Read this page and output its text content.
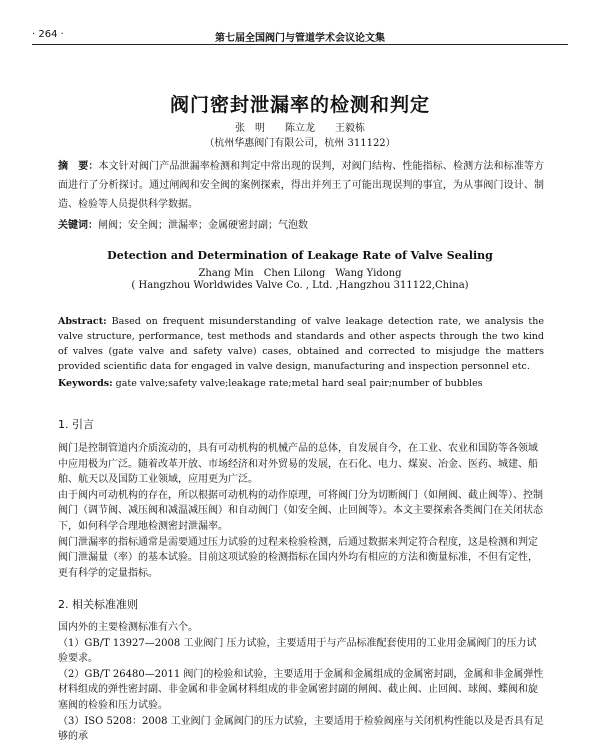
· 264 ·	第七届全国阀门与管道学术会议论文集
阀门密封泄漏率的检测和判定
张　明　　陈立龙　　王毅栋
（杭州华惠阀门有限公司，杭州 311122）
摘　要：本文针对阀门产品泄漏率检测和判定中常出现的误判，对阀门结构、性能指标、检测方法和标准等方面进行了分析探讨。通过闸阀和安全阀的案例探索，得出并列王了可能出现误判的事宜，为从事阀门设计、制造、检验等人员提供科学数据。
关键词：闸阀；安全阀；泄漏率；金属硬密封副；气泡数
Detection and Determination of Leakage Rate of Valve Sealing
Zhang Min　Chen Lilong　Wang Yidong
( Hangzhou Worldwides Valve Co. , Ltd. ,Hangzhou 311122,China)
Abstract: Based on frequent misunderstanding of valve leakage detection rate, we analysis the valve structure, performance, test methods and standards and other aspects through the two kind of valves (gate valve and safety valve) cases, obtained and corrected to misjudge the matters provided scientific data for engaged in valve design, manufacturing and inspection personnel etc.
Keywords: gate valve;safety valve;leakage rate;metal hard seal pair;number of bubbles
1. 引言

阀门是控制管道内介质流动的，具有可动机构的机械产品的总体，自发展自今，在工业、农业和国防等各领域中应用极为广泛。随着改革开放、市场经济和对外贸易的发展，在石化、电力、煤炭、冶金、医药、城建、船舶、航天以及国防工业领域，应用更为广泛。

由于阀内可动机构的存在，所以根据可动机构的动作原理，可将阀门分为切断阀门（如闸阀、截止阀等）、控制阀门（调节阀、减压阀和减温减压阀）和自动阀门（如安全阀、止回阀等）。本文主要探索各类阀门在关闭状态下，如何科学合理地检测密封泄漏率。

阀门泄漏率的指标通常是需要通过压力试验的过程来检验检测，后通过数据来判定符合程度，这是检测和判定阀门泄漏量（率）的基本试验。目前这项试验的检测指标在国内外均有相应的方法和衡量标准，不但有定性，更有科学的定量指标。

2. 相关标准准则

国内外的主要检测标准有六个。

（1）GB/T 13927—2008 工业阀门 压力试验，主要适用于与产品标准配套使用的工业用金属阀门的压力试验要求。

（2）GB/T 26480—2011 阀门的检验和试验，主要适用于金属和金属组成的金属密封副，金属和非金属弹性材料组成的弹性密封副、非金属和非金属材料组成的非金属密封副的闸阀、截止阀、止回阀、球阀、蝶阀和旋塞阀的检验和压力试验。

（3）ISO 5208：2008 工业阀门 金属阀门的压力试验，主要适用于检验阀座与关闭机构性能以及是否具有足够的承
